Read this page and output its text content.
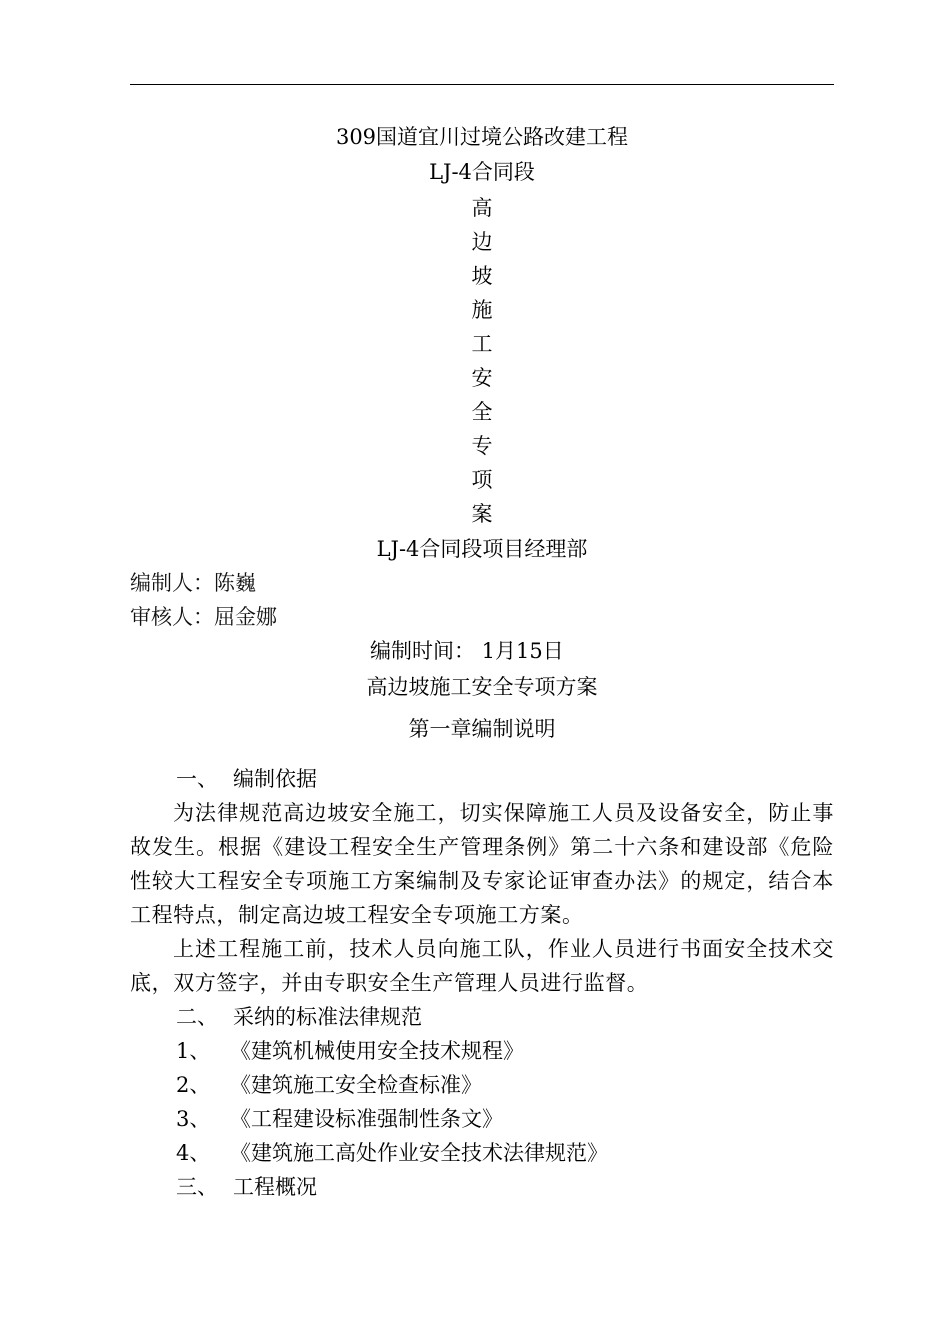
309国道宜川过境公路改建工程
LJ-4合同段
高
边
坡
施
工
安
全
专
项
案
LJ-4合同段项目经理部
编制人：陈巍
审核人：屈金娜
编制时间： 1月15日
高边坡施工安全专项方案
第一章编制说明
一、 编制依据

为法律规范高边坡安全施工，切实保障施工人员及设备安全，防止事故发生。根据《建设工程安全生产管理条例》第二十六条和建设部《危险性较大工程安全专项施工方案编制及专家论证审查办法》的规定，结合本工程特点，制定高边坡工程安全专项施工方案。

上述工程施工前，技术人员向施工队，作业人员进行书面安全技术交底，双方签字，并由专职安全生产管理人员进行监督。

二、 采纳的标准法律规范
1、 《建筑机械使用安全技术规程》
2、 《建筑施工安全检查标准》
3、 《工程建设标准强制性条文》
4、 《建筑施工高处作业安全技术法律规范》
三、 工程概况
